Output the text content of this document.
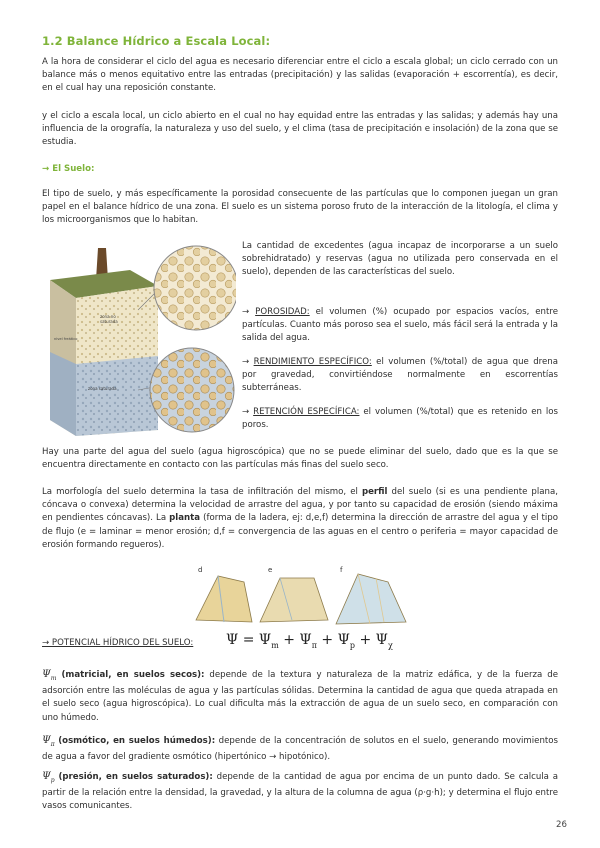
1.2 Balance Hídrico a Escala Local:

A la hora de considerar el ciclo del agua es necesario diferenciar entre el ciclo a escala global; un ciclo cerrado con un balance más o menos equitativo entre las entradas (precipitación) y las salidas (evaporación + escorrentía), es decir, en el cual hay una reposición constante.

y el ciclo a escala local, un ciclo abierto en el cual no hay equidad entre las entradas y las salidas; y además hay una influencia de la orografía, la naturaleza y uso del suelo, y el clima (tasa de precipitación e insolación) de la zona que se estudia.

→ El Suelo:

El tipo de suelo, y más específicamente la porosidad consecuente de las partículas que lo componen juegan un gran papel en el balance hídrico de una zona. El suelo es un sistema poroso fruto de la interacción de la litología, el clima y los microorganismos que lo habitan.

zona no
saturada
nivel freático
zona saturada

La cantidad de excedentes (agua incapaz de incorporarse a un suelo sobrehidratado) y reservas (agua no utilizada pero conservada en el suelo), dependen de las características del suelo.

→ POROSIDAD: el volumen (%) ocupado por espacios vacíos, entre partículas. Cuanto más poroso sea el suelo, más fácil será la entrada y la salida del agua.

→ RENDIMIENTO ESPECÍFICO: el volumen (%/total) de agua que drena por gravedad, convirtiéndose normalmente en escorrentías subterráneas.

→ RETENCIÓN ESPECÍFICA: el volumen (%/total) que es retenido en los poros.

Hay una parte del agua del suelo (agua higroscópica) que no se puede eliminar del suelo, dado que es la que se encuentra directamente en contacto con las partículas más finas del suelo seco.

La morfología del suelo determina la tasa de infiltración del mismo, el perfil del suelo (si es una pendiente plana, cóncava o convexa) determina la velocidad de arrastre del agua, y por tanto su capacidad de erosión (siendo máxima en pendientes cóncavas). La planta (forma de la ladera, ej: d,e,f) determina la dirección de arrastre del agua y el tipo de flujo (e = laminar = menor erosión; d,f = convergencia de las aguas en el centro o periferia = mayor capacidad de erosión formando regueros).

d	e	f
→ POTENCIAL HÍDRICO DEL SUELO: $\Psi = \Psi_m + \Psi_\pi + \Psi_p + \Psi_\chi$

$\Psi_m$ (matricial, en suelos secos): depende de la textura y naturaleza de la matriz edáfica, y de la fuerza de adsorción entre las moléculas de agua y las partículas sólidas. Determina la cantidad de agua que queda atrapada en el suelo seco (agua higroscópica). Lo cual dificulta más la extracción de agua de un suelo seco, en comparación con uno húmedo.

$\Psi_\pi$ (osmótico, en suelos húmedos): depende de la concentración de solutos en el suelo, generando movimientos de agua a favor del gradiente osmótico (hipertónico → hipotónico).

$\Psi_p$ (presión, en suelos saturados): depende de la cantidad de agua por encima de un punto dado. Se calcula a partir de la relación entre la densidad, la gravedad, y la altura de la columna de agua (ρ·g·h); y determina el flujo entre vasos comunicantes.

26
